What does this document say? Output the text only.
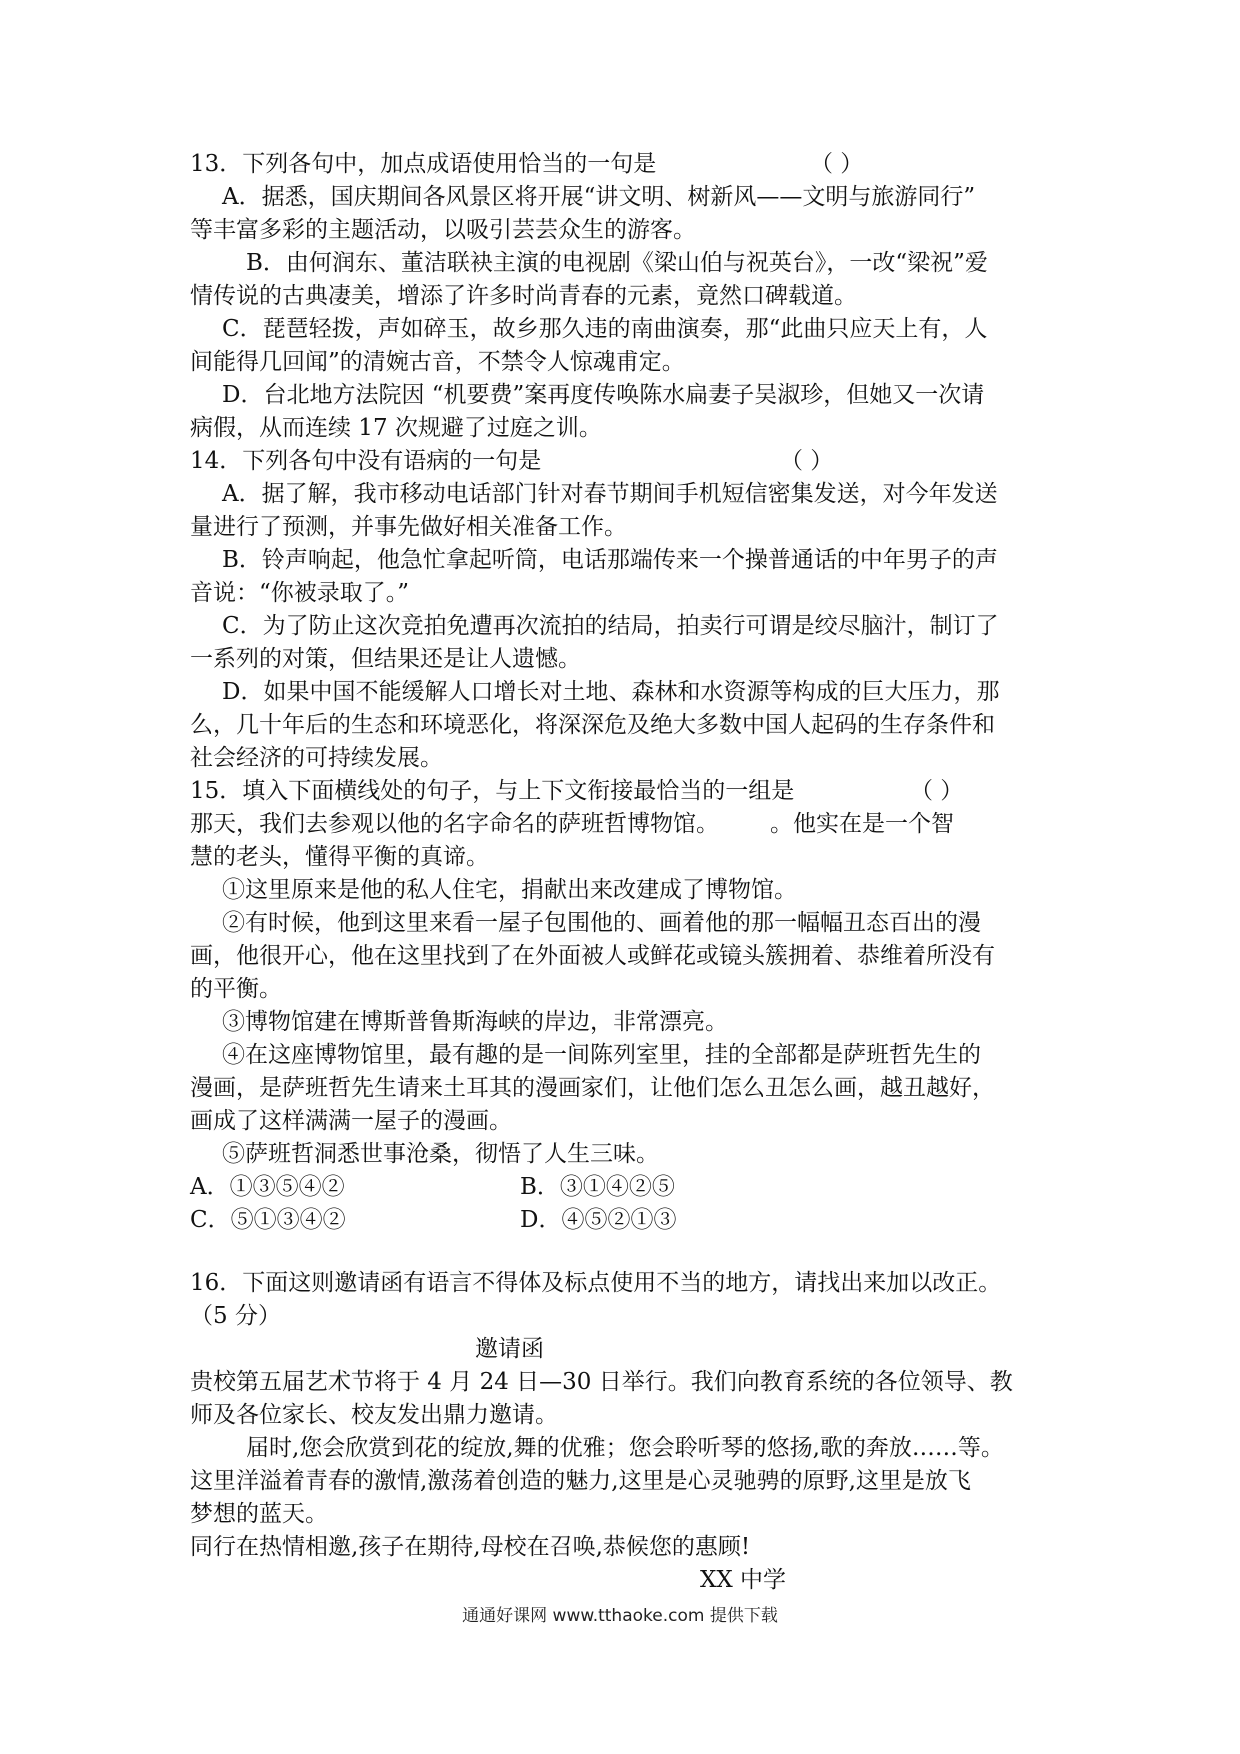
13．下列各句中，加点成语使用恰当的一句是	（ ）

A．据悉，国庆期间各风景区将开展“讲文明、树新风——文明与旅游同行”

等丰富多彩的主题活动，以吸引芸芸众生的游客。

B．由何润东、董洁联袂主演的电视剧《梁山伯与祝英台》，一改“梁祝”爱

情传说的古典凄美，增添了许多时尚青春的元素，竟然口碑载道。

C．琵琶轻拨，声如碎玉，故乡那久违的南曲演奏，那“此曲只应天上有，人

间能得几回闻”的清婉古音，不禁令人惊魂甫定。

D．台北地方法院因 “机要费”案再度传唤陈水扁妻子吴淑珍，但她又一次请

病假，从而连续 17 次规避了过庭之训。

14．下列各句中没有语病的一句是	（ ）

A．据了解，我市移动电话部门针对春节期间手机短信密集发送，对今年发送

量进行了预测，并事先做好相关准备工作。

B．铃声响起，他急忙拿起听筒，电话那端传来一个操普通话的中年男子的声

音说：“你被录取了。”

C．为了防止这次竞拍免遭再次流拍的结局，拍卖行可谓是绞尽脑汁，制订了

一系列的对策，但结果还是让人遗憾。

D．如果中国不能缓解人口增长对土地、森林和水资源等构成的巨大压力，那

么，几十年后的生态和环境恶化，将深深危及绝大多数中国人起码的生存条件和

社会经济的可持续发展。

15．填入下面横线处的句子，与上下文衔接最恰当的一组是	（ ）
那天，我们去参观以他的名字命名的萨班哲博物馆。 。他实在是一个智

慧的老头，懂得平衡的真谛。

①这里原来是他的私人住宅，捐献出来改建成了博物馆。

②有时候，他到这里来看一屋子包围他的、画着他的那一幅幅丑态百出的漫

画，他很开心，他在这里找到了在外面被人或鲜花或镜头簇拥着、恭维着所没有

的平衡。

③博物馆建在博斯普鲁斯海峡的岸边，非常漂亮。

④在这座博物馆里，最有趣的是一间陈列室里，挂的全部都是萨班哲先生的

漫画，是萨班哲先生请来土耳其的漫画家们，让他们怎么丑怎么画，越丑越好，

画成了这样满满一屋子的漫画。

⑤萨班哲洞悉世事沧桑，彻悟了人生三味。

A．①③⑤④②	B．③①④②⑤
C．⑤①③④②	D．④⑤②①③

16．下面这则邀请函有语言不得体及标点使用不当的地方，请找出来加以改正。

（5 分）

邀请函

贵校第五届艺术节将于 4 月 24 日—30 日举行。我们向教育系统的各位领导、教

师及各位家长、校友发出鼎力邀请。

届时,您会欣赏到花的绽放,舞的优雅；您会聆听琴的悠扬,歌的奔放……等。

这里洋溢着青春的激情,激荡着创造的魅力,这里是心灵驰骋的原野,这里是放飞

梦想的蓝天。

同行在热情相邀,孩子在期待,母校在召唤,恭候您的惠顾!

XX 中学

通通好课网 www.tthaoke.com 提供下载
